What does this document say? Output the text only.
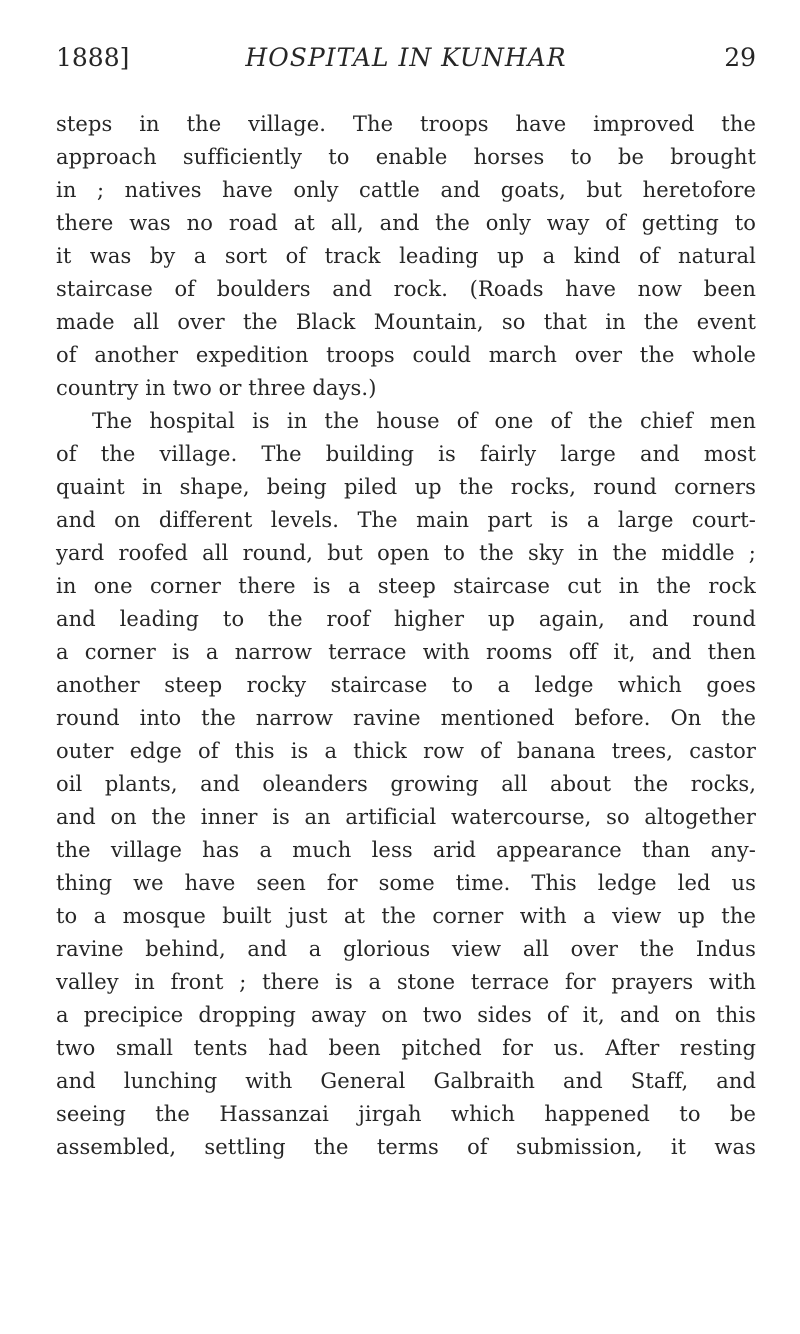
1888]	HOSPITAL IN KUNHAR	29
steps in the village. The troops have improved the
approach sufficiently to enable horses to be brought
in ; natives have only cattle and goats, but heretofore
there was no road at all, and the only way of getting to
it was by a sort of track leading up a kind of natural
staircase of boulders and rock. (Roads have now been
made all over the Black Mountain, so that in the event
of another expedition troops could march over the whole
country in two or three days.)
The hospital is in the house of one of the chief men
of the village. The building is fairly large and most
quaint in shape, being piled up the rocks, round corners
and on different levels. The main part is a large court-
yard roofed all round, but open to the sky in the middle ;
in one corner there is a steep staircase cut in the rock
and leading to the roof higher up again, and round
a corner is a narrow terrace with rooms off it, and then
another steep rocky staircase to a ledge which goes
round into the narrow ravine mentioned before. On the
outer edge of this is a thick row of banana trees, castor
oil plants, and oleanders growing all about the rocks,
and on the inner is an artificial watercourse, so altogether
the village has a much less arid appearance than any-
thing we have seen for some time. This ledge led us
to a mosque built just at the corner with a view up the
ravine behind, and a glorious view all over the Indus
valley in front ; there is a stone terrace for prayers with
a precipice dropping away on two sides of it, and on this
two small tents had been pitched for us. After resting
and lunching with General Galbraith and Staff, and
seeing the Hassanzai jirgah which happened to be
assembled, settling the terms of submission, it was
